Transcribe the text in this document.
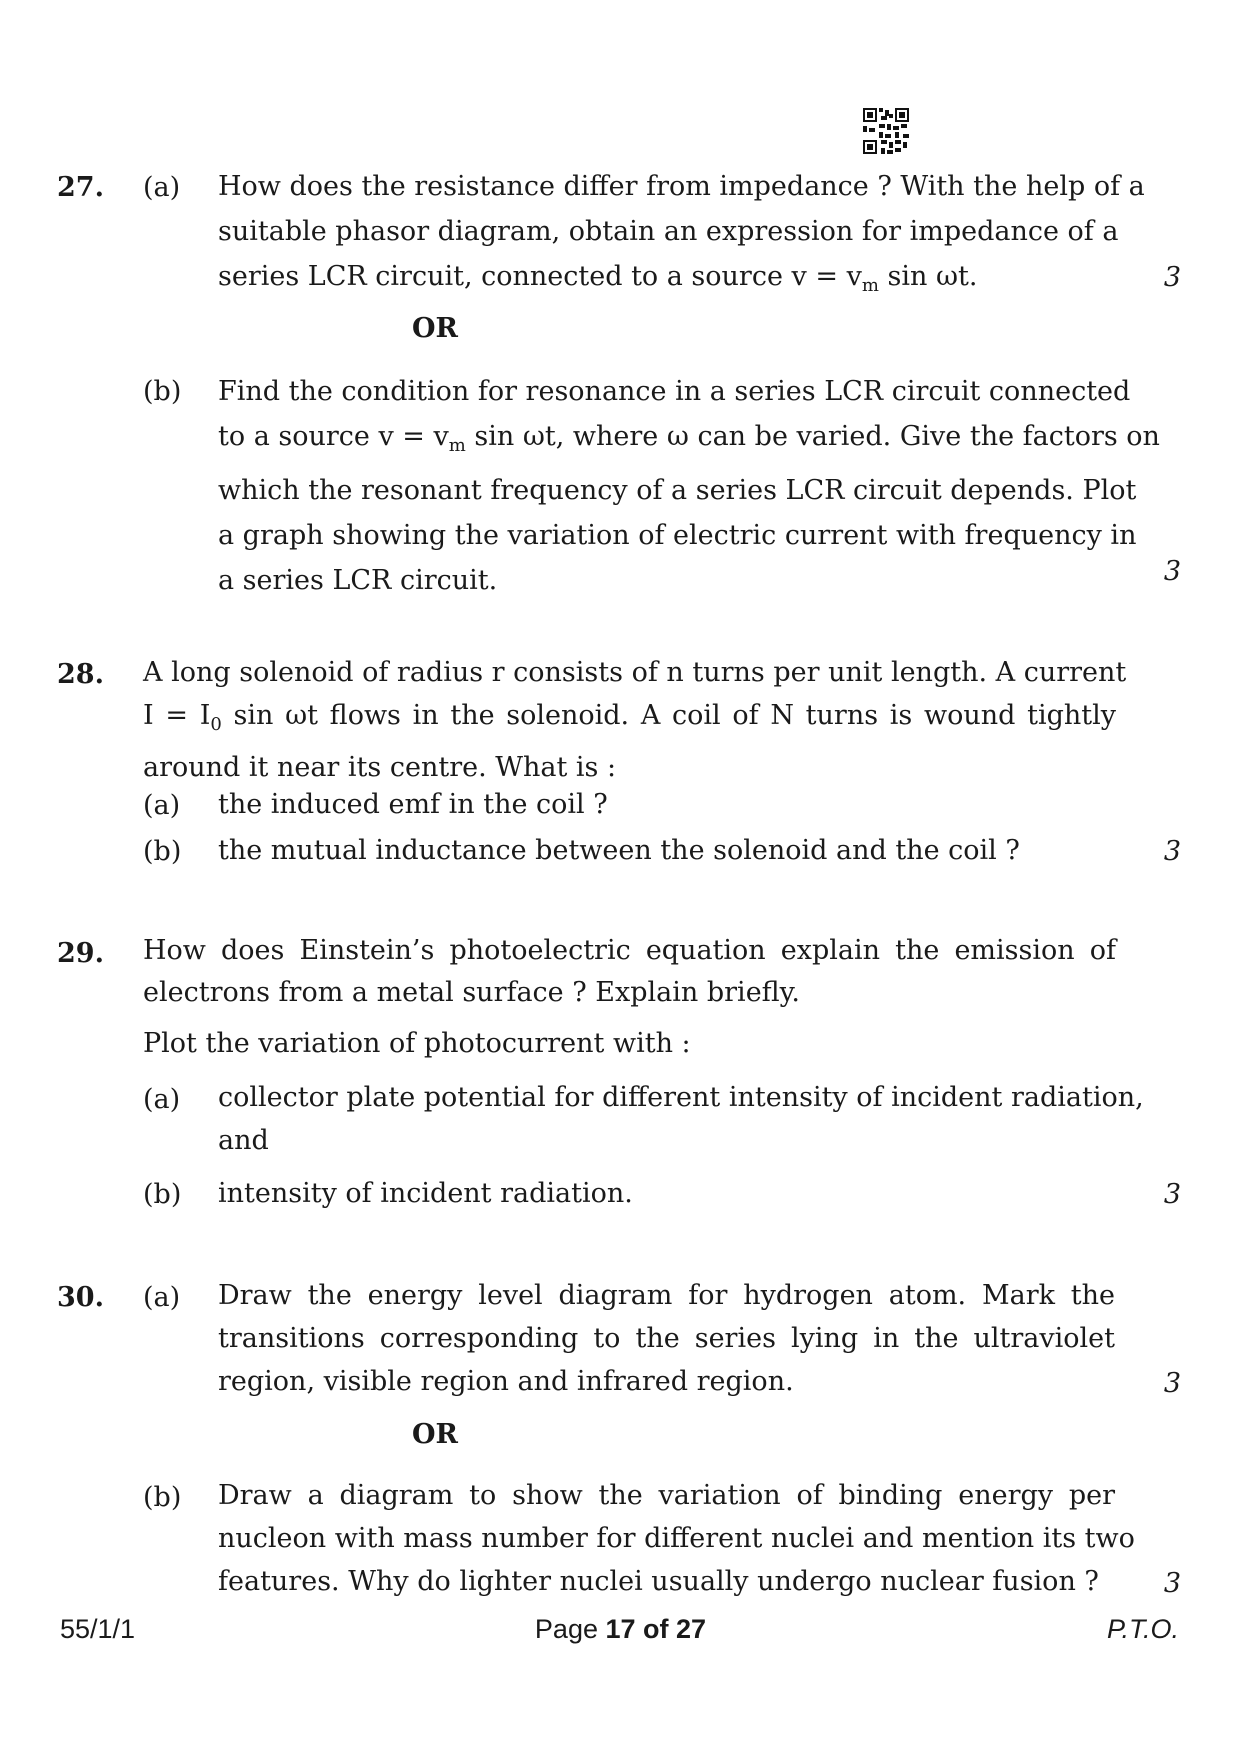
27. (a) How does the resistance differ from impedance ? With the help of a
suitable phasor diagram, obtain an expression for impedance of a
series LCR circuit, connected to a source $v = v_m$ sin ωt.	3
OR
(b) Find the condition for resonance in a series LCR circuit connected
to a source $v = v_m$ sin ωt, where ω can be varied. Give the factors on
which the resonant frequency of a series LCR circuit depends. Plot
a graph showing the variation of electric current with frequency in
a series LCR circuit.	3
28. A long solenoid of radius r consists of n turns per unit length. A current
$I = I_0$ sin ωt flows in the solenoid. A coil of N turns is wound tightly
around it near its centre. What is :
(a) the induced emf in the coil ?
(b) the mutual inductance between the solenoid and the coil ?	3
29. How does Einstein’s photoelectric equation explain the emission of
electrons from a metal surface ? Explain briefly.
Plot the variation of photocurrent with :
(a) collector plate potential for different intensity of incident radiation,
and
(b) intensity of incident radiation.	3
30. (a) Draw the energy level diagram for hydrogen atom. Mark the
transitions corresponding to the series lying in the ultraviolet
region, visible region and infrared region.	3
OR
(b) Draw a diagram to show the variation of binding energy per
nucleon with mass number for different nuclei and mention its two
features. Why do lighter nuclei usually undergo nuclear fusion ?	3
55/1/1	Page 17 of 27	P.T.O.
